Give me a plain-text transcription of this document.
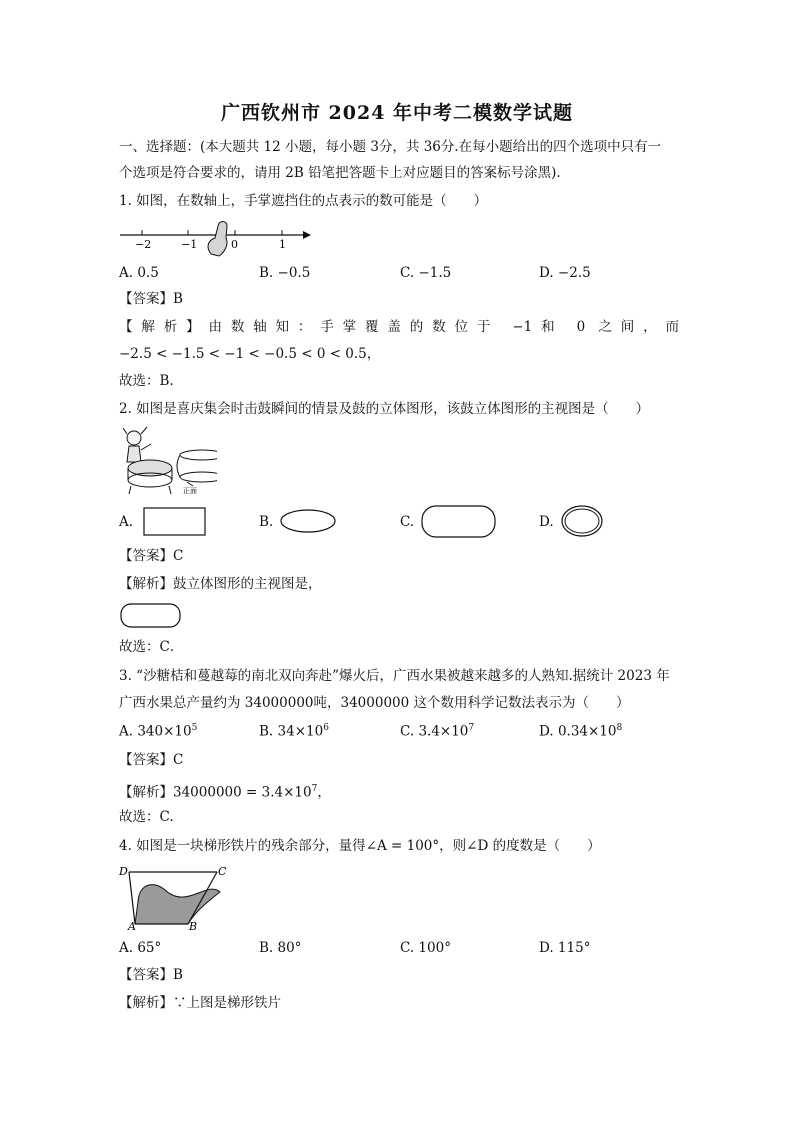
广西钦州市 2024 年中考二模数学试题
一、选择题：(本大题共 12 小题，每小题 3分，共 36分.在每小题给出的四个选项中只有一
个选项是符合要求的，请用 2B 铅笔把答题卡上对应题目的答案标号涂黑).
1. 如图，在数轴上，手掌遮挡住的点表示的数可能是（　　）
−2	−1	0	1
A. 0.5	B. −0.5	C. −1.5	D. −2.5
【答案】B
【解析】由数轴知：手掌覆盖的数位于 −1和 0 之间，而
−2.5 < −1.5 < −1 < −0.5 < 0 < 0.5，
故选：B.
2. 如图是喜庆集会时击鼓瞬间的情景及鼓的立体图形，该鼓立体图形的主视图是（　　）
正面
A.	B.	C.	D.
【答案】C
【解析】鼓立体图形的主视图是，
故选：C．
3. “沙糖桔和蔓越莓的南北双向奔赴”爆火后，广西水果被越来越多的人熟知.据统计 2023 年
广西水果总产量约为 34000000吨，34000000 这个数用科学记数法表示为（　　）
A. $340\times 10^5$	B. $34\times 10^6$	C. $3.4\times 10^7$	D. $0.34\times 10^8$
【答案】C
【解析】$34000000 = 3.4\times 10^7$，
故选：C.
4. 如图是一块梯形铁片的残余部分，量得∠A = 100°，则∠D 的度数是（　　）
D	C
A	B
A. 65°	B. 80°	C. 100°	D. 115°
【答案】B
【解析】∵上图是梯形铁片
